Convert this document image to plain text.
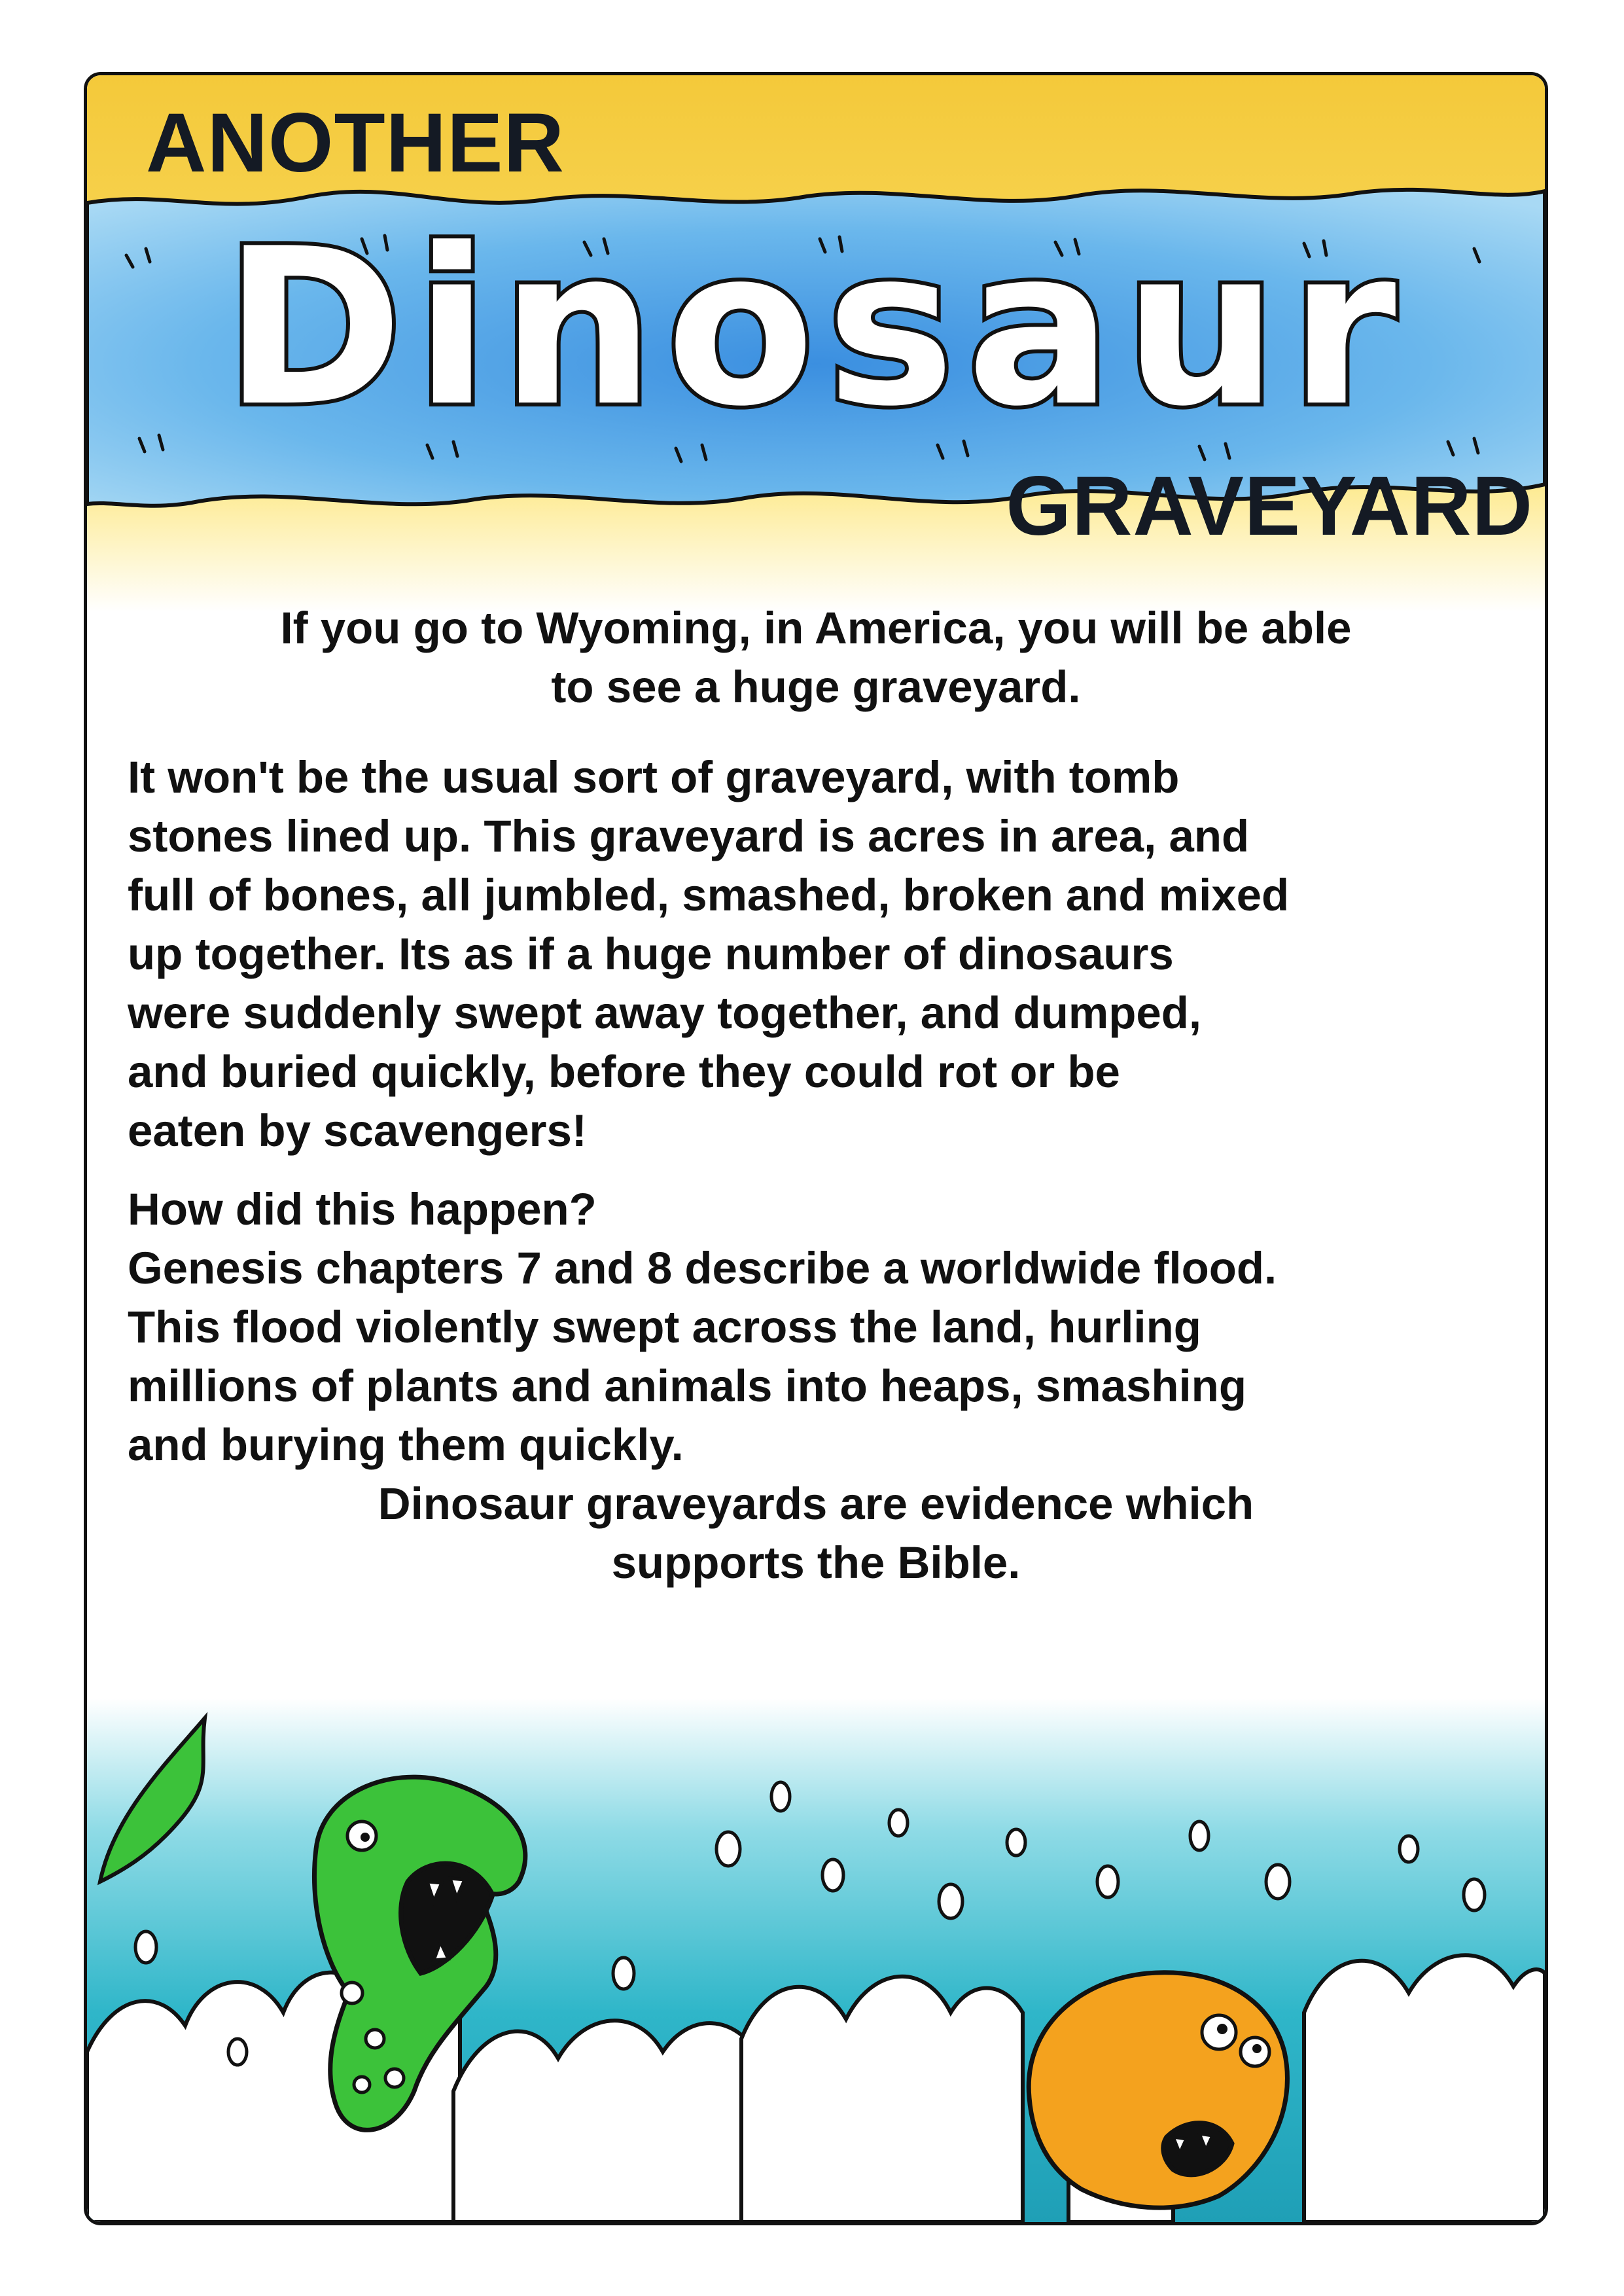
Dinosaur
ANOTHER
GRAVEYARD
If you go to Wyoming, in America, you will be able
to see a huge graveyard.
It won't be the usual sort of graveyard, with tomb
stones lined up. This graveyard is acres in area, and
full of bones, all jumbled, smashed, broken and mixed
up together. Its as if a huge number of dinosaurs
were suddenly swept away together, and dumped,
and buried quickly, before they could rot or be
eaten by scavengers!
How did this happen?
Genesis chapters 7 and 8 describe a worldwide flood.
This flood violently swept across the land, hurling
millions of plants and animals into heaps, smashing
and burying them quickly.
Dinosaur graveyards are evidence which
supports the Bible.
